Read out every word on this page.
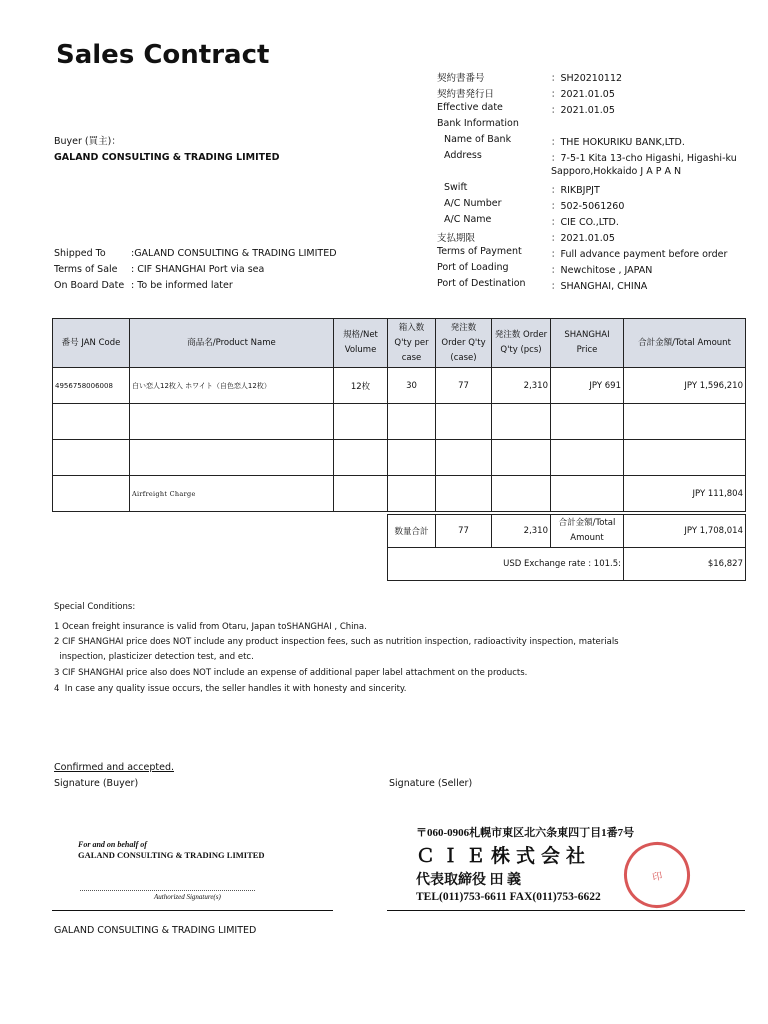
Sales Contract
Buyer (買主)：
GALAND CONSULTING & TRADING LIMITED
契約書番号	：SH20210112
契約書発行日	：2021.01.05
Effective date	：2021.01.05
Bank Information
Name of Bank	：THE HOKURIKU BANK,LTD.
Address	：7-5-1 Kita 13-cho Higashi, Higashi-ku
Sapporo,Hokkaido J A P A N
Swift	：RIKBJPJT
A/C Number	：502-5061260
A/C Name	：CIE CO.,LTD.
支払期限	：2021.01.05
Terms of Payment	：Full advance payment before order
Port of Loading	：Newchitose , JAPAN
Port of Destination	：SHANGHAI, CHINA
Shipped To	:GALAND CONSULTING & TRADING LIMITED
Terms of Sale : CIF SHANGHAI Port via sea
On Board Date : To be informed later
番号 JAN Code	商品名/Product Name	規格/Net Volume	箱入数 Q'ty per case	発注数 Order Q'ty (case)	発注数 Order Q'ty (pcs)	SHANGHAI Price	合計金額/Total Amount
4956758006008	白い恋人12枚入 ホワイト（自色恋人12枚）	12枚	30	77	2,310	JPY 691	JPY 1,596,210

	Airfreight Charge						JPY 111,804
数量合計	77	2,310	合計金額/Total Amount	JPY 1,708,014
USD Exchange rate : 101.5:				$16,827
Special Conditions:
1 Ocean freight insurance is valid from Otaru, Japan toSHANGHAI , China.
2 CIF SHANGHAI price does NOT include any product inspection fees, such as nutrition inspection, radioactivity inspection, materials
inspection, plasticizer detection test, and etc.
3 CIF SHANGHAI price also does NOT include an expense of additional paper label attachment on the products.
4  In case any quality issue occurs, the seller handles it with honesty and sincerity.
Confirmed and accepted.
Signature (Buyer)	Signature (Seller)
For and on behalf of
GALAND CONSULTING & TRADING LIMITED
Authorized Signature(s)
〒060-0906札幌市東区北六条東四丁目1番7号
ＣＩＥ株式会社
代表取締役 田 義
TEL(011)753-6611 FAX(011)753-6622
印
GALAND CONSULTING & TRADING LIMITED
